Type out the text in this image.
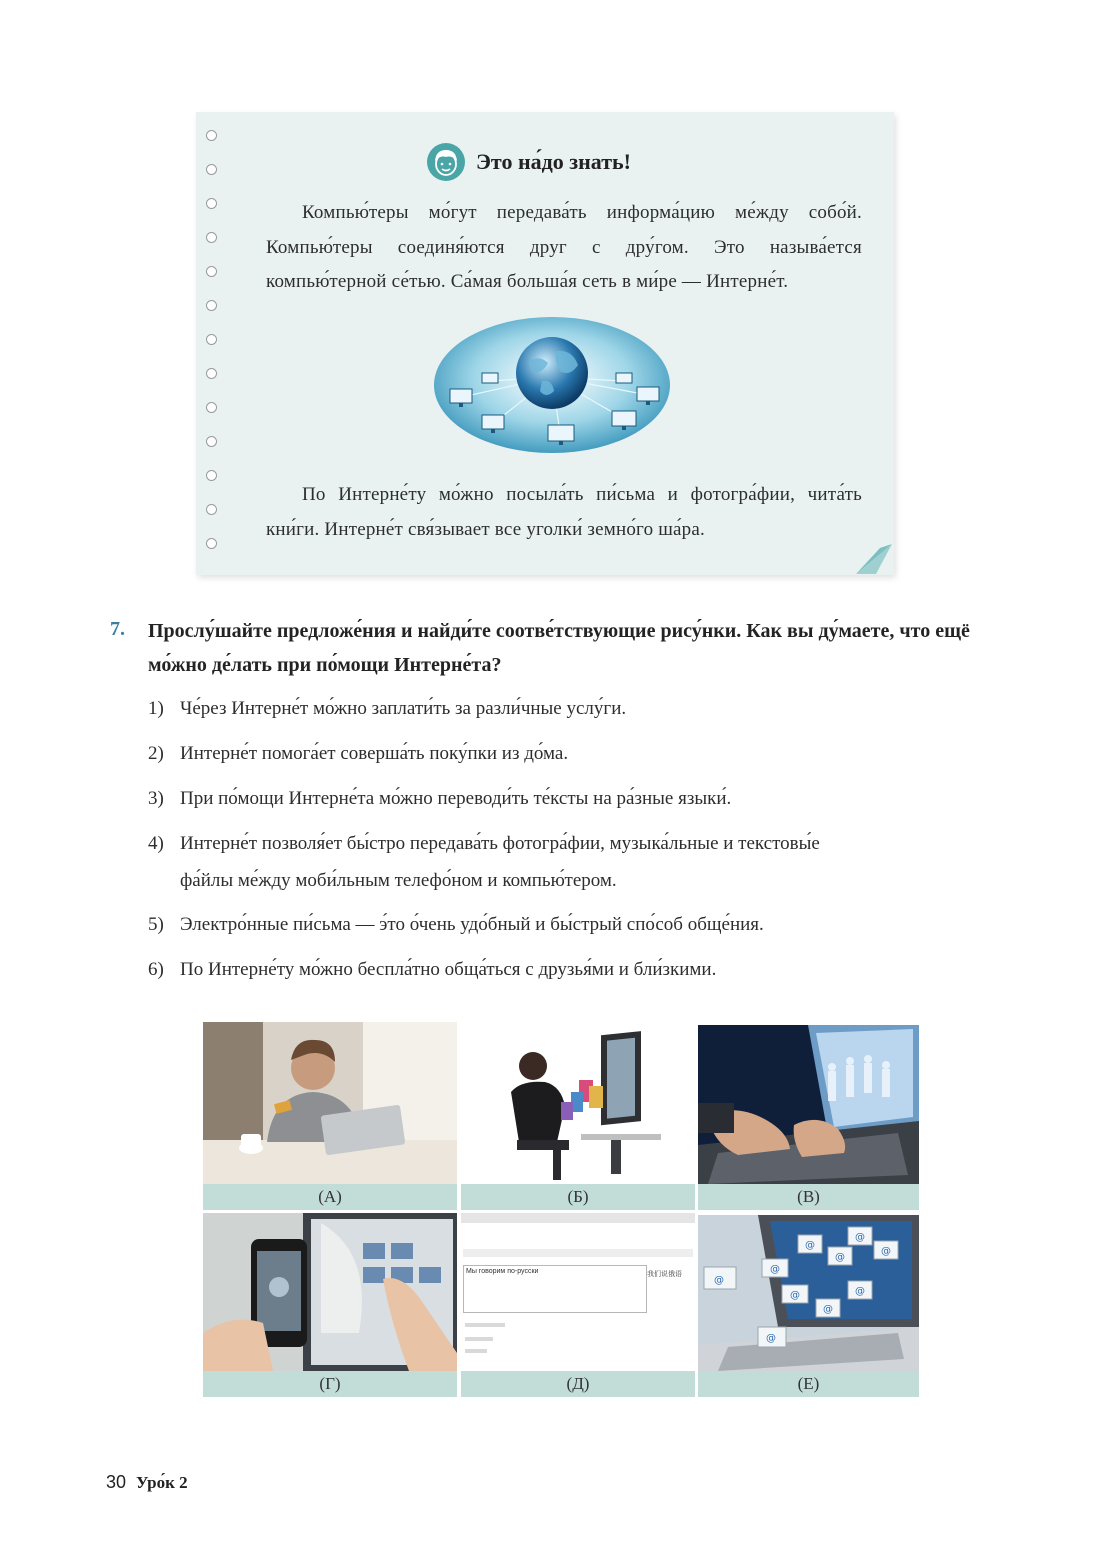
Это на́до знать!
Компью́теры мо́гут передава́ть информа́цию ме́жду собо́й. Компью́теры соединя́ются друг с дру́гом. Это называ́ется компью́терной се́тью. Са́мая больша́я сеть в ми́ре — Интерне́т.
По Интерне́ту мо́жно посыла́ть пи́сьма и фотогра́фии, чита́ть кни́ги. Интерне́т свя́зывает все уголки́ земно́го ша́ра.
7. Прослу́шайте предложе́ния и найди́те соотве́тствующие рису́нки. Как вы ду́маете, что ещё мо́жно де́лать при по́мощи Интерне́та?
1) Че́рез Интерне́т мо́жно заплати́ть за разли́чные услу́ги.
2) Интерне́т помога́ет соверша́ть поку́пки из до́ма.
3) При по́мощи Интерне́та мо́жно переводи́ть те́ксты на ра́зные языки́.
4) Интерне́т позволя́ет бы́стро передава́ть фотогра́фии, музыка́льные и текстовы́е
фа́йлы ме́жду моби́льным телефо́ном и компью́тером.
5) Электро́нные пи́сьма — э́то о́чень удо́бный и бы́стрый спо́соб обще́ния.
6) По Интерне́ту мо́жно беспла́тно обща́ться с друзья́ми и бли́зкими.
(А)	(Б)	(В)
(Г)
Мы говорим по-русски	我们说俄语
(Д)
@
@
@
@
@
@
@
@
@
@
(Е)
30 Уро́к 2
